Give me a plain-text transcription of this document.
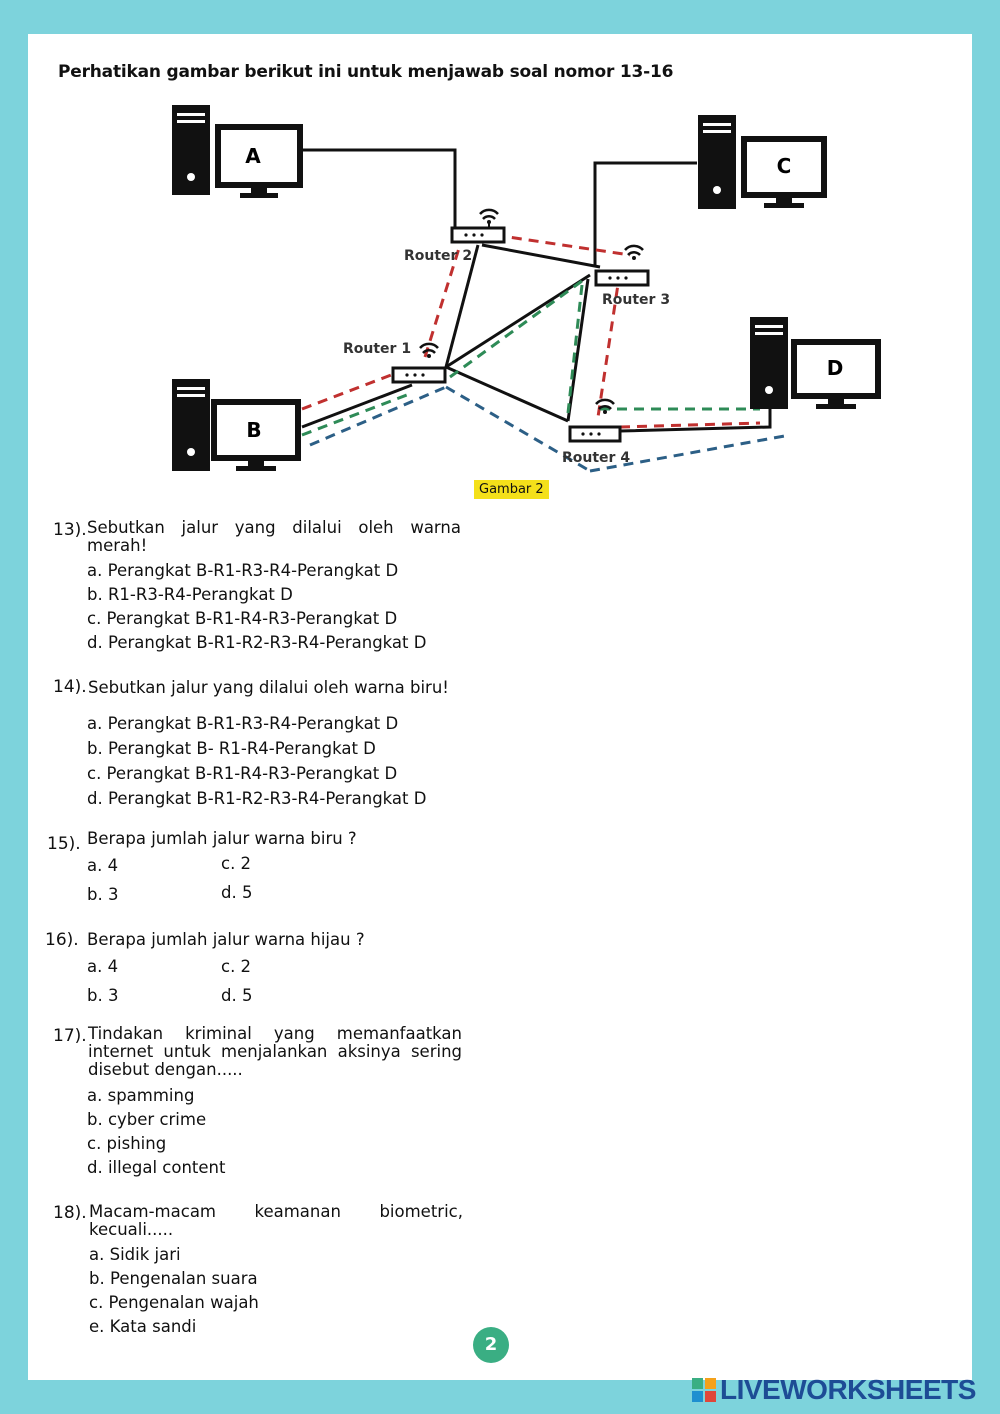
Perhatikan gambar berikut ini untuk menjawab soal nomor 13-16
A
B
C
D
Router 2
Router 3
Router 1
Router 4
Gambar 2
13). Sebutkan jalur yang dilalui oleh warna merah!
a. Perangkat B-R1-R3-R4-Perangkat D
b. R1-R3-R4-Perangkat D
c. Perangkat B-R1-R4-R3-Perangkat D
d. Perangkat B-R1-R2-R3-R4-Perangkat D
14). Sebutkan jalur yang dilalui oleh warna biru!
a. Perangkat B-R1-R3-R4-Perangkat D
b. Perangkat B- R1-R4-Perangkat D
c. Perangkat B-R1-R4-R3-Perangkat D
d. Perangkat B-R1-R2-R3-R4-Perangkat D
15). Berapa jumlah jalur warna biru ?
a. 4	c. 2
b. 3	d. 5
16). Berapa jumlah jalur warna hijau ?
a. 4	c. 2
b. 3	d. 5
17). Tindakan kriminal yang memanfaatkan internet untuk menjalankan aksinya sering disebut dengan.....
a. spamming
b. cyber crime
c. pishing
d. illegal content
18). Macam-macam keamanan biometric, kecuali.....
a. Sidik jari
b. Pengenalan suara
c. Pengenalan wajah
e. Kata sandi
2
LIVEWORKSHEETS
